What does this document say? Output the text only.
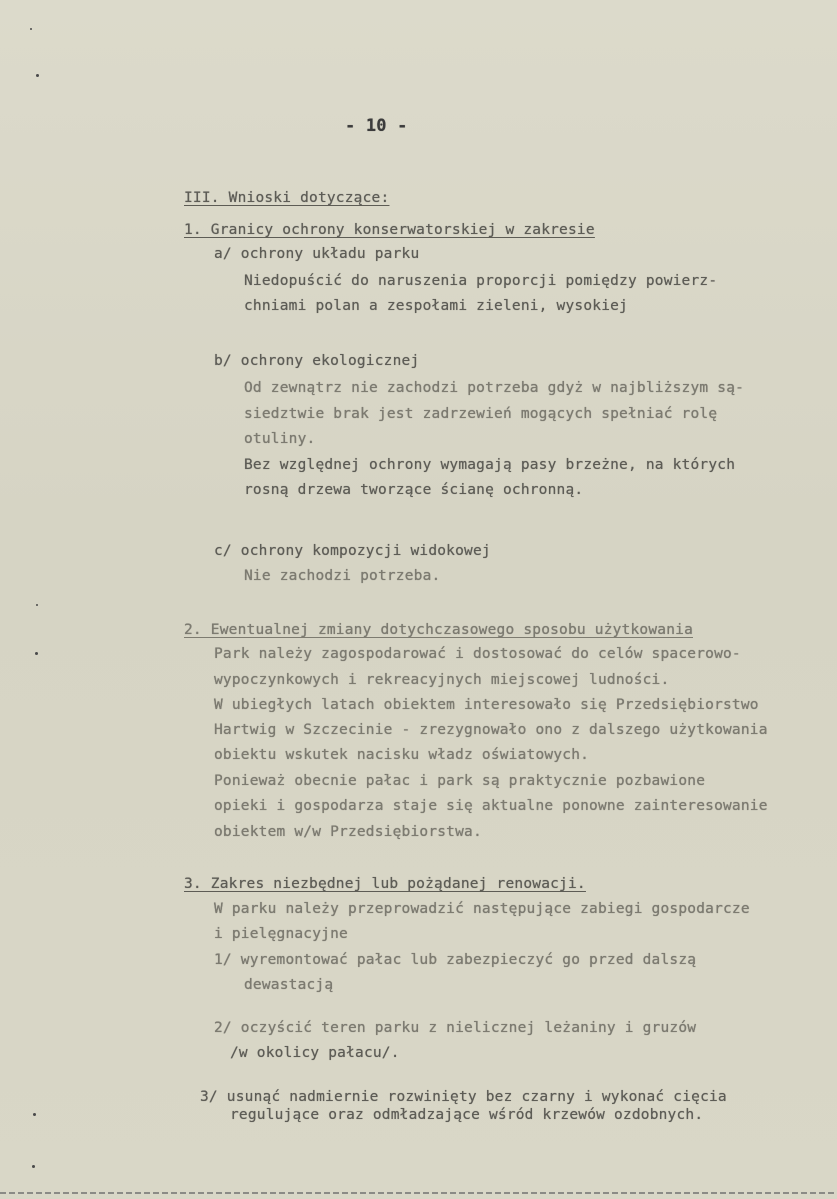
- 10 -
III. Wnioski dotyczące:
1. Granicy ochrony konserwatorskiej w zakresie
a/ ochrony układu parku
Niedopuścić do naruszenia proporcji pomiędzy powierz-
chniami polan a zespołami zieleni, wysokiej
b/ ochrony ekologicznej
Od zewnątrz nie zachodzi potrzeba gdyż w najbliższym są-
siedztwie brak jest zadrzewień mogących spełniać rolę
otuliny.
Bez względnej ochrony wymagają pasy brzeżne, na których
rosną drzewa tworzące ścianę ochronną.
c/ ochrony kompozycji widokowej
Nie zachodzi potrzeba.
2. Ewentualnej zmiany dotychczasowego sposobu użytkowania
Park należy zagospodarować i dostosować do celów spacerowo-
wypoczynkowych i rekreacyjnych miejscowej ludności.
W ubiegłych latach obiektem interesowało się Przedsiębiorstwo
Hartwig w Szczecinie - zrezygnowało ono z dalszego użytkowania
obiektu wskutek nacisku władz oświatowych.
Ponieważ obecnie pałac i park są praktycznie pozbawione
opieki i gospodarza staje się aktualne ponowne zainteresowanie
obiektem w/w Przedsiębiorstwa.
3. Zakres niezbędnej lub pożądanej renowacji.
W parku należy przeprowadzić następujące zabiegi gospodarcze
i pielęgnacyjne
1/ wyremontować pałac lub zabezpieczyć go przed dalszą
dewastacją
2/ oczyścić teren parku z nielicznej leżaniny i gruzów
/w okolicy pałacu/.
3/ usunąć nadmiernie rozwinięty bez czarny i wykonać cięcia
regulujące oraz odmładzające wśród krzewów ozdobnych.
